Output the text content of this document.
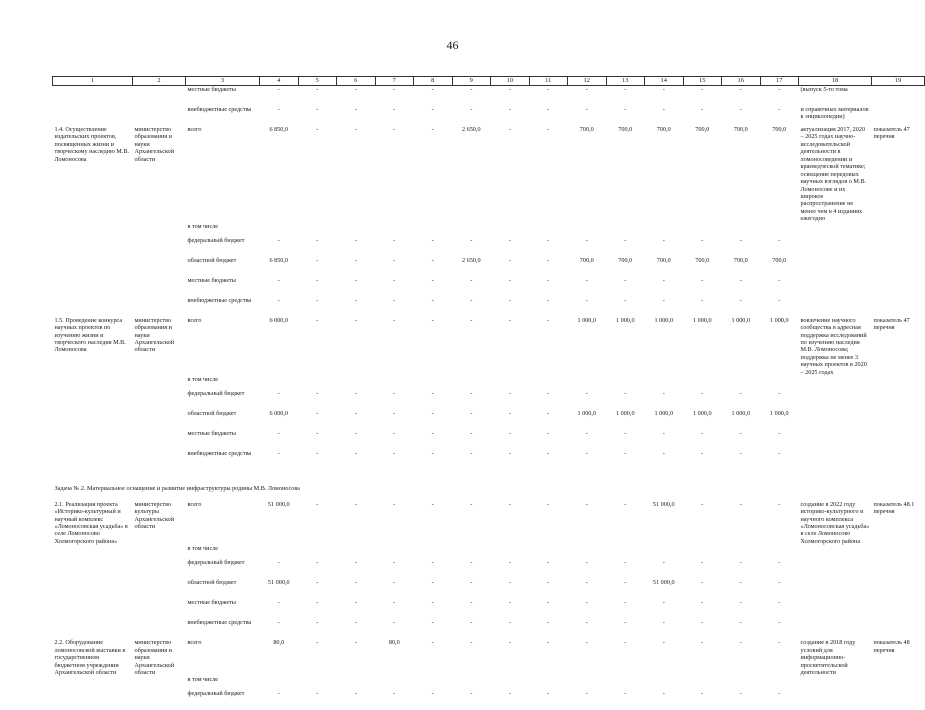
46
1	2	3	4	5	6	7	8	9	10	11	12	13	14	15	16	17	18	19
		местные бюджеты	-	-	-	-	-	-	-	-	-	-	-	-	-	-	(выпуск 5-го тома	
		внебюджетные средства	-	-	-	-	-	-	-	-	-	-	-	-	-	-	и справочных материалов к энциклопедии)	
1.4. Осуществление издательских проектов, посвященных жизни и творческому наследию М.В. Ломоносова	министерство образования и науки Архангельской области	всего	6 850,0	-	-	-	-	2 650,0	-	-	700,0	700,0	700,0	700,0	700,0	700,0	актуализация 2017, 2020 – 2025 годах научно-исследовательской деятельности в ломоносоведении и краеведческой тематике; освещение передовых научных взглядов о М.В. Ломоносове и их широкое распространение не менее чем в 4 изданиях ежегодно	показатель 47 перечня
		в том числе																
		федеральный бюджет	-	-	-	-	-	-	-	-	-	-	-	-	-	-		
		областной бюджет	6 850,0	-	-	-	-	2 650,0	-	-	700,0	700,0	700,0	700,0	700,0	700,0		
		местные бюджеты	-	-	-	-	-	-	-	-	-	-	-	-	-	-		
		внебюджетные средства	-	-	-	-	-	-	-	-	-	-	-	-	-	-		
1.5. Проведение конкурса научных проектов по изучению жизни и творческого наследия М.В. Ломоносова	министерство образования и науки Архангельской области	всего	6 000,0	-	-	-	-	-	-	-	1 000,0	1 000,0	1 000,0	1 000,0	1 000,0	1 000,0	вовлечение научного сообщества в адресная поддержка исследований по изучению наследия М.В. Ломоносова; поддержка не менее 3 научных проектов в 2020 – 2025 годах	показатель 47 перечня
		в том числе																
		федеральный бюджет	-	-	-	-	-	-	-	-	-	-	-	-	-	-		
		областной бюджет	6 000,0	-	-	-	-	-	-	-	1 000,0	1 000,0	1 000,0	1 000,0	1 000,0	1 000,0		
		местные бюджеты	-	-	-	-	-	-	-	-	-	-	-	-	-	-		
		внебюджетные средства	-	-	-	-	-	-	-	-	-	-	-	-	-	-		
Задача № 2. Материальное оснащение и развитие инфраструктуры родины М.В. Ломоносова																		
2.1. Реализация проекта «Историко-культурный и научный комплекс «Ломоносовская усадьба» в селе Ломоносово Холмогорского района»	министерство культуры Архангельской области	всего	51 000,0	-	-	-	-	-	-	-	-	-	51 000,0	-	-	-	создание в 2022 году историко-культурного и научного комплекса «Ломоносовская усадьба» в селе Ломоносово Холмогорского района	показатель 48.1 перечня
		в том числе																
		федеральный бюджет	-	-	-	-	-	-	-	-	-	-	-	-	-	-		
		областной бюджет	51 000,0	-	-	-	-	-	-	-	-	-	51 000,0	-	-	-		
		местные бюджеты	-	-	-	-	-	-	-	-	-	-	-	-	-	-		
		внебюджетные средства	-	-	-	-	-	-	-	-	-	-	-	-	-	-		
2.2. Оборудование ломоносовской выставки в государственном бюджетном учреждении Архангельской области	министерство образования и науки Архангельской области	всего	80,0	-	-	80,0	-	-	-	-	-	-	-	-	-	-	создание в 2018 году условий для информационно-просветительской деятельности	показатель 48 перечня
		в том числе																
		федеральный бюджет	-	-	-	-	-	-	-	-	-	-	-	-	-	-		
